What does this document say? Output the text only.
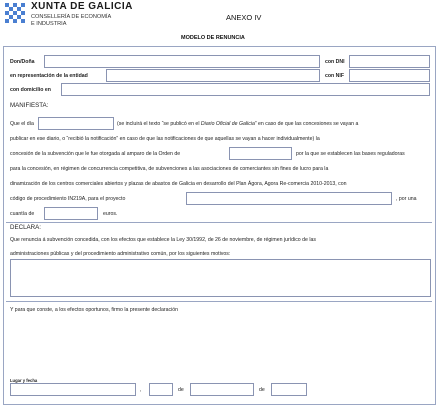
XUNTA DE GALICIA
CONSELLERÍA DE ECONOMÍA
E INDUSTRIA
ANEXO IV
MODELO DE RENUNCIA
Don/Doña	con DNI
en representación de la entidad	con NIF
con domicilio en
MANIFIESTA:
Que el día	(se incluirá el texto “se publicó en el Diario Oficial de Galicia” en caso de que las concesiones se vayan a
publicar en ese diario, o “recibió la notificación” en caso de que las notificaciones de que aquellas se vayan a hacer individualmente) la
concesión de la subvención que le fue otorgada al amparo de la Orden de	por la que se establecen las bases reguladoras
para la concesión, en régimen de concurrencia competitiva, de subvenciones a las asociaciones de comerciantes sin fines de lucro para la
dinamización de los centros comerciales abiertos y plazas de abastos de Galicia en desarrollo del Plan Ágora, Agora Re-comercia 2010-2013, con
código de procedimiento IN219A, para el proyecto	, por una
cuantía de	euros.
DECLARA:
Que renuncia á subvención concedida, con los efectos que establece la Ley 30/1992, de 26 de noviembre, de régimen jurídico de las
administraciones públicas y del procedimiento administrativo común, por los siguientes motivos:
Y para que conste, a los efectos oportunos, firmo la presente declaración
Lugar y fecha
,	de	de
